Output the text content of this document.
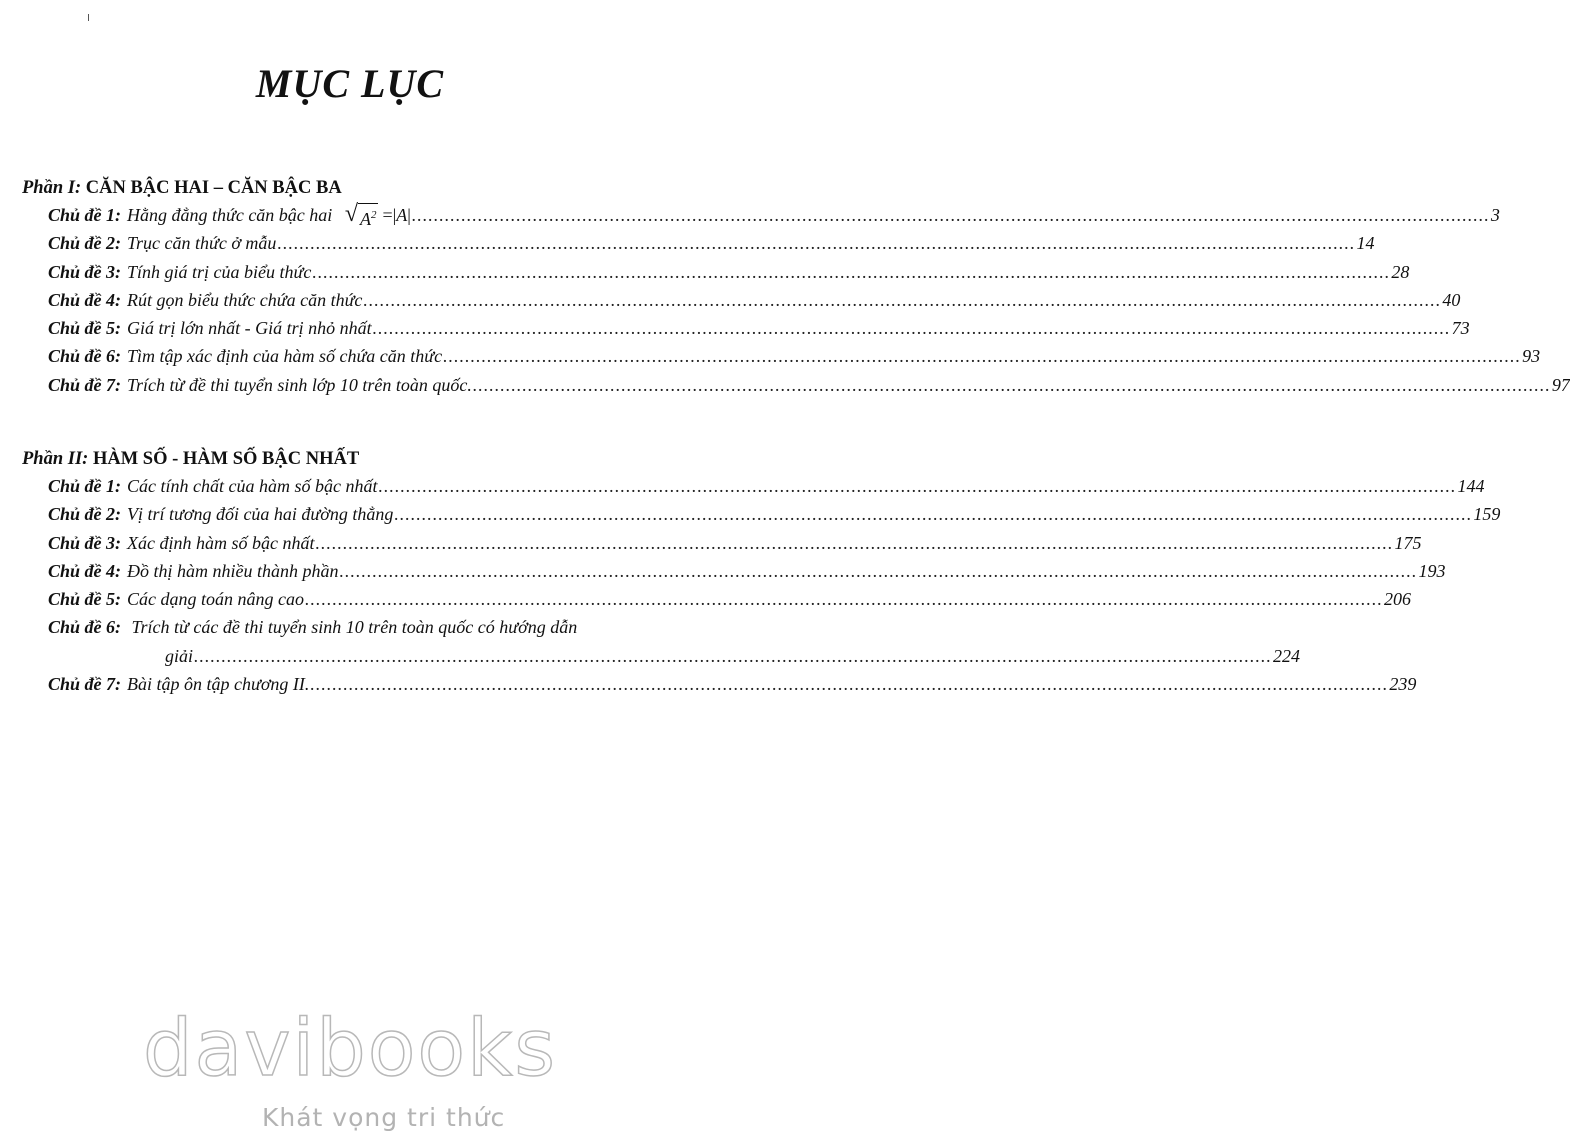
MỤC LỤC
Phần I: CĂN BẬC HAI – CĂN BẬC BA
Chủ đề 1: Hằng đẳng thức căn bậc hai √ $A^2 =|A|$ .....	3
Chủ đề 2: Trục căn thức ở mẫu .....	14
Chủ đề 3: Tính giá trị của biểu thức .....	28
Chủ đề 4: Rút gọn biểu thức chứa căn thức .....	40
Chủ đề 5: Giá trị lớn nhất - Giá trị nhỏ nhất .....	73
Chủ đề 6: Tìm tập xác định của hàm số chứa căn thức .....	93
Chủ đề 7: Trích từ đề thi tuyển sinh lớp 10 trên toàn quốc. .....	97
Phần II: HÀM SỐ - HÀM SỐ BẬC NHẤT
Chủ đề 1: Các tính chất của hàm số bậc nhất .....	144
Chủ đề 2: Vị trí tương đối của hai đường thẳng .....	159
Chủ đề 3: Xác định hàm số bậc nhất .....	175
Chủ đề 4: Đồ thị hàm nhiều thành phần .....	193
Chủ đề 5: Các dạng toán nâng cao .....	206
Chủ đề 6: Trích từ các đề thi tuyển sinh 10 trên toàn quốc có hướng dẫn
giải .....	224
Chủ đề 7: Bài tập ôn tập chương II. .....	239
davibooks
Khát vọng tri thức
